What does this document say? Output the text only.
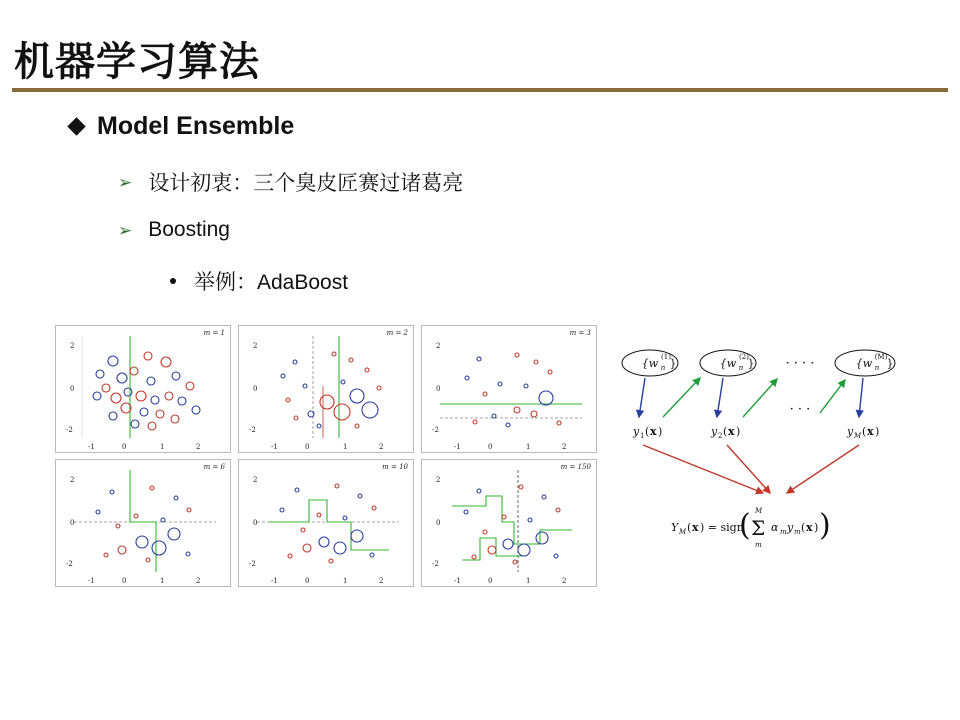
机器学习算法
Model Ensemble
➢ 设计初衷：三个臭皮匠赛过诸葛亮
➢ Boosting
举例：AdaBoost
m = 1
2
0
-2
-1	0	1	2
m = 2
2
0
-2
-1	0	1	2
m = 3
2
0
-2
-1	0	1	2
m = 6
2
0
-2
-1	0	1	2
m = 10
2
0
-2
-1	0	1	2
m = 150
2
0
-2
-1	0	1	2
{w n
(1)
}	{w n
(2)
} · · · ·	{w n
(M) }
· · ·
y 1 ( x )	y 2 ( x )	y M ( x )
Y M ( x ) = sign
( Σ
M
m
α m y m ( x ) )
